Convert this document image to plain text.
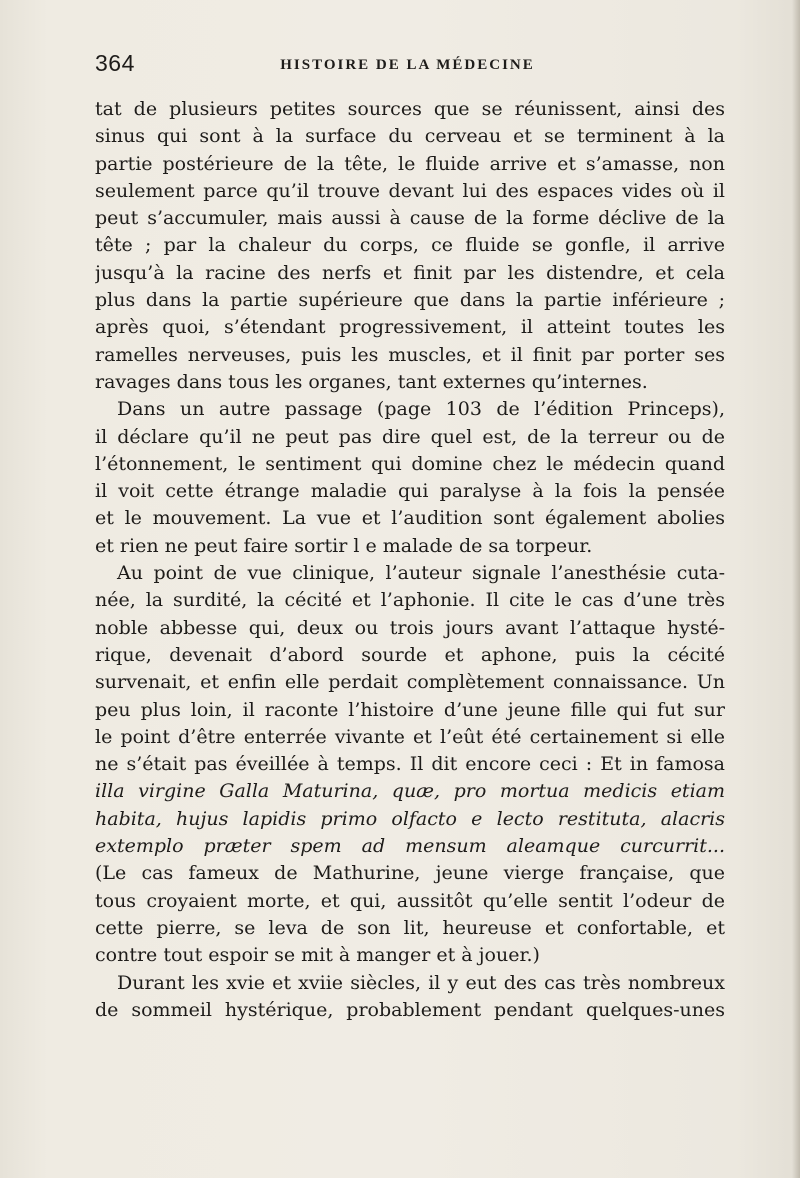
364	HISTOIRE DE LA MÉDECINE
tat de plusieurs petites sources que se réunissent, ainsi des
sinus qui sont à la surface du cerveau et se terminent à la
partie postérieure de la tête, le fluide arrive et s’amasse, non
seulement parce qu’il trouve devant lui des espaces vides où il
peut s’accumuler, mais aussi à cause de la forme déclive de la
tête ; par la chaleur du corps, ce fluide se gonfle, il arrive
jusqu’à la racine des nerfs et finit par les distendre, et cela
plus dans la partie supérieure que dans la partie inférieure ;
après quoi, s’étendant progressivement, il atteint toutes les
ramelles nerveuses, puis les muscles, et il finit par porter ses
ravages dans tous les organes, tant externes qu’internes.
Dans un autre passage (page 103 de l’édition Princeps),
il déclare qu’il ne peut pas dire quel est, de la terreur ou de
l’étonnement, le sentiment qui domine chez le médecin quand
il voit cette étrange maladie qui paralyse à la fois la pensée
et le mouvement. La vue et l’audition sont également abolies
et rien ne peut faire sortir l e malade de sa torpeur.
Au point de vue clinique, l’auteur signale l’anesthésie cuta-
née, la surdité, la cécité et l’aphonie. Il cite le cas d’une très
noble abbesse qui, deux ou trois jours avant l’attaque hysté-
rique, devenait d’abord sourde et aphone, puis la cécité
survenait, et enfin elle perdait complètement connaissance. Un
peu plus loin, il raconte l’histoire d’une jeune fille qui fut sur
le point d’être enterrée vivante et l’eût été certainement si elle
ne s’était pas éveillée à temps. Il dit encore ceci : Et in famosa
illa virgine Galla Maturina, quæ, pro mortua medicis etiam
habita, hujus lapidis primo olfacto e lecto restituta, alacris
extemplo præter spem ad mensum aleamque curcurrit...
(Le cas fameux de Mathurine, jeune vierge française, que
tous croyaient morte, et qui, aussitôt qu’elle sentit l’odeur de
cette pierre, se leva de son lit, heureuse et confortable, et
contre tout espoir se mit à manger et à jouer.)
Durant les xvie et xviie siècles, il y eut des cas très nombreux
de sommeil hystérique, probablement pendant quelques-unes
